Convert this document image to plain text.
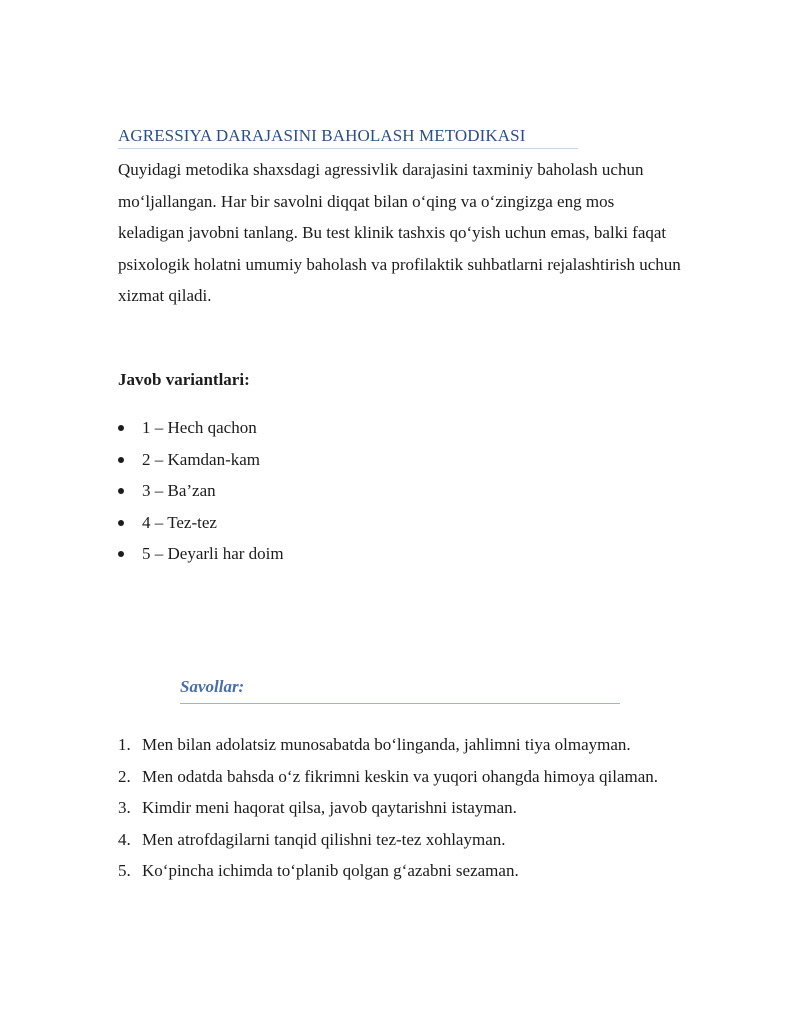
AGRESSIYA DARAJASINI BAHOLASH METODIKASI

Quyidagi metodika shaxsdagi agressivlik darajasini taxminiy baholash uchun mo‘ljallangan. Har bir savolni diqqat bilan o‘qing va o‘zingizga eng mos keladigan javobni tanlang. Bu test klinik tashxis qo‘yish uchun emas, balki faqat psixologik holatni umumiy baholash va profilaktik suhbatlarni rejalashtirish uchun xizmat qiladi.

Javob variantlari:

1 – Hech qachon
2 – Kamdan-kam
3 – Ba’zan
4 – Tez-tez
5 – Deyarli har doim
Savollar:
1. Men bilan adolatsiz munosabatda bo‘linganda, jahlimni tiya olmayman.
2. Men odatda bahsda o‘z fikrimni keskin va yuqori ohangda himoya qilaman.
3. Kimdir meni haqorat qilsa, javob qaytarishni istayman.
4. Men atrofdagilarni tanqid qilishni tez-tez xohlayman.
5. Ko‘pincha ichimda to‘planib qolgan g‘azabni sezaman.
